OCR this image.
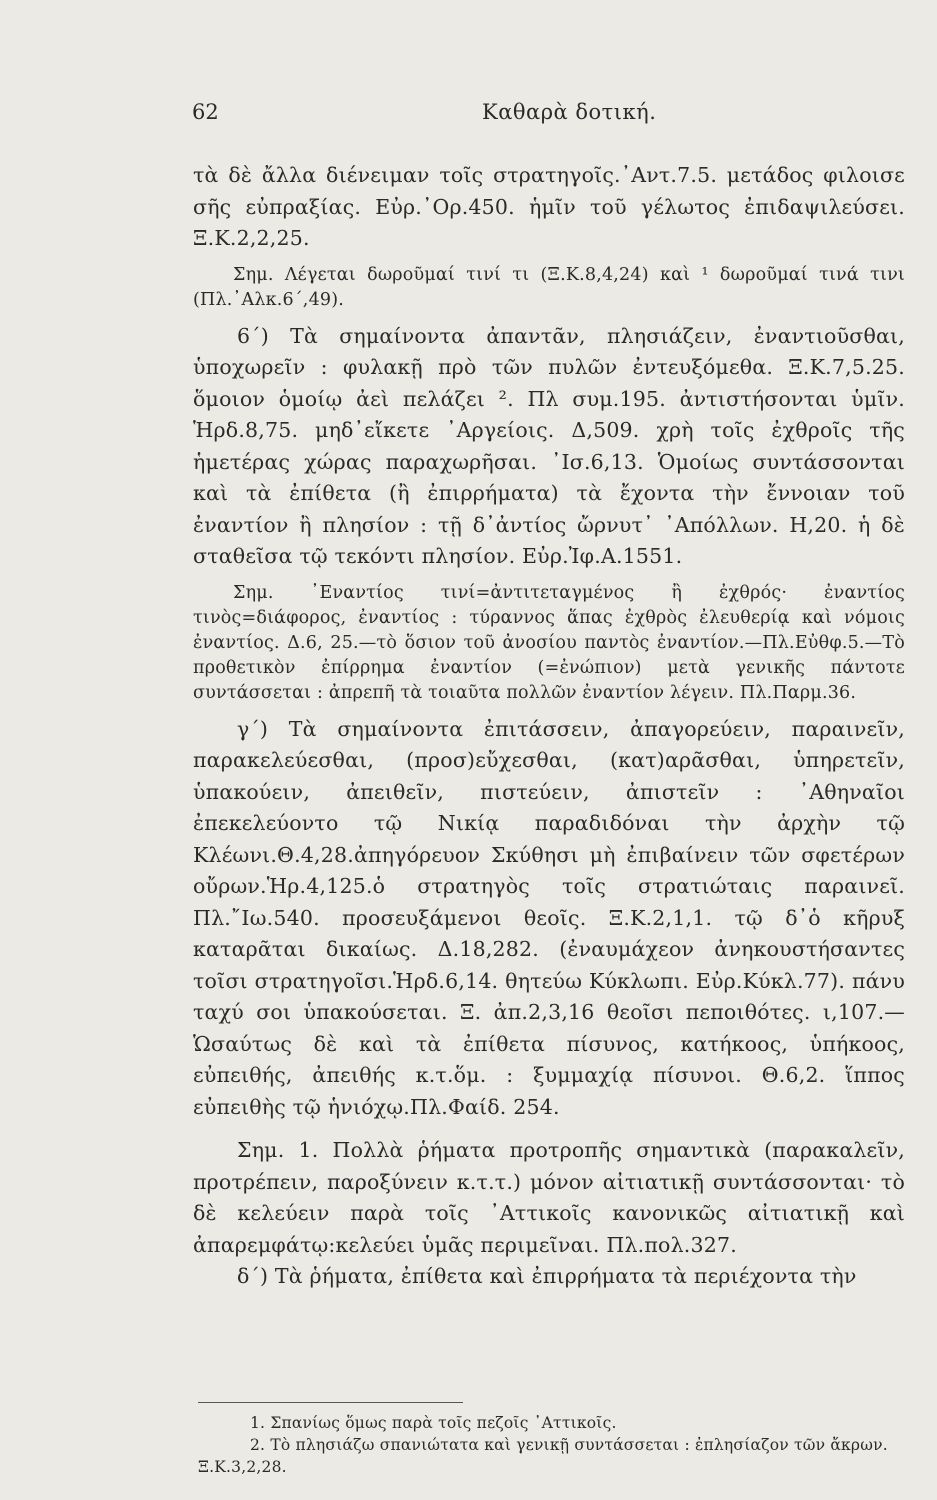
62	Καθαρὰ δοτική.

τὰ δὲ ἄλλα διένειμαν τοῖς στρατηγοῖς.᾿Αντ.7.5. μετάδος φιλοισε σῆς εὐπραξίας. Εὐρ.᾿Ορ.450. ἡμῖν τοῦ γέλωτος ἐπιδαψιλεύσει. Ξ.Κ.2,2,25.

Σημ. Λέγεται δωροῦμαί τινί τι (Ξ.Κ.8,4,24) καὶ ¹ δωροῦμαί τινά τινι (Πλ.᾿Αλκ.6΄,49).

6΄) Τὰ σημαίνοντα ἀπαντᾶν, πλησιάζειν, ἐναντιοῦσθαι, ὑποχωρεῖν : φυλακῇ πρὸ τῶν πυλῶν ἐντευξόμεθα. Ξ.Κ.7,5.25. ὅμοιον ὁμοίῳ ἀεὶ πελάζει ². Πλ συμ.195. ἀντιστήσονται ὑμῖν. Ἡρδ.8,75. μηδ᾿εἴκετε ᾿Αργείοις. Δ,509. χρὴ τοῖς ἐχθροῖς τῆς ἡμετέρας χώρας παραχωρῆσαι. ᾿Ισ.6,13. Ὁμοίως συντάσσονται καὶ τὰ ἐπίθετα (ἢ ἐπιρρήματα) τὰ ἔχοντα τὴν ἔννοιαν τοῦ ἐναντίον ἢ πλησίον : τῇ δ᾿ἀντίος ὤρνυτ᾿ ᾿Απόλλων. Η,20. ἡ δὲ σταθεῖσα τῷ τεκόντι πλησίον. Εὐρ.Ἰφ.Α.1551.

Σημ. ᾿Εναντίος τινί=ἀντιτεταγμένος ἢ ἐχθρός· ἐναντίος τινὸς=διάφορος, ἐναντίος : τύραννος ἅπας ἐχθρὸς ἐλευθερίᾳ καὶ νόμοις ἐναντίος. Δ.6, 25.—τὸ ὅσιον τοῦ ἀνοσίου παντὸς ἐναντίον.—Πλ.Εὐθφ.5.—Τὸ προθετικὸν ἐπίρρημα ἐναντίον (=ἐνώπιον) μετὰ γενικῆς πάντοτε συντάσσεται : ἀπρεπῆ τὰ τοιαῦτα πολλῶν ἐναντίον λέγειν. Πλ.Παρμ.36.

γ΄) Τὰ σημαίνοντα ἐπιτάσσειν, ἀπαγορεύειν, παραινεῖν, παρακελεύεσθαι, (προσ)εὔχεσθαι, (κατ)αρᾶσθαι, ὑπηρετεῖν, ὑπακούειν, ἀπειθεῖν, πιστεύειν, ἀπιστεῖν : ᾿Αθηναῖοι ἐπεκελεύοντο τῷ Νικίᾳ παραδιδόναι τὴν ἀρχὴν τῷ Κλέωνι.Θ.4,28.ἀπηγόρευον Σκύθησι μὴ ἐπιβαίνειν τῶν σφετέρων οὔρων.Ἡρ.4,125.ὁ στρατηγὸς τοῖς στρατιώταις παραινεῖ. Πλ.῎Ιω.540. προσευξάμενοι θεοῖς. Ξ.Κ.2,1,1. τῷ δ᾿ὁ κῆρυξ καταρᾶται δικαίως. Δ.18,282. (ἐναυμάχεον ἀνηκουστήσαντες τοῖσι στρατηγοῖσι.Ἡρδ.6,14. θητεύω Κύκλωπι. Εὐρ.Κύκλ.77). πάνυ ταχύ σοι ὑπακούσεται. Ξ. ἀπ.2,3,16 θεοῖσι πεποιθότες. ι,107.—Ὡσαύτως δὲ καὶ τὰ ἐπίθετα πίσυνος, κατήκοος, ὑπήκοος, εὐπειθής, ἀπειθής κ.τ.ὅμ. : ξυμμαχίᾳ πίσυνοι. Θ.6,2. ἵππος εὐπειθὴς τῷ ἡνιόχῳ.Πλ.Φαίδ. 254.

Σημ. 1. Πολλὰ ῥήματα προτροπῆς σημαντικὰ (παρακαλεῖν, προτρέπειν, παροξύνειν κ.τ.τ.) μόνον αἰτιατικῇ συντάσσονται· τὸ δὲ κελεύειν παρὰ τοῖς ᾿Αττικοῖς κανονικῶς αἰτιατικῇ καὶ ἀπαρεμφάτῳ:κελεύει ὑμᾶς περιμεῖναι. Πλ.πολ.327.

δ΄) Τὰ ῥήματα, ἐπίθετα καὶ ἐπιρρήματα τὰ περιέχοντα τὴν

1. Σπανίως ὅμως παρὰ τοῖς πεζοῖς ᾿Αττικοῖς.

2. Τὸ πλησιάζω σπανιώτατα καὶ γενικῇ συντάσσεται : ἐπλησίαζον τῶν ἄκρων. Ξ.Κ.3,2,28.
